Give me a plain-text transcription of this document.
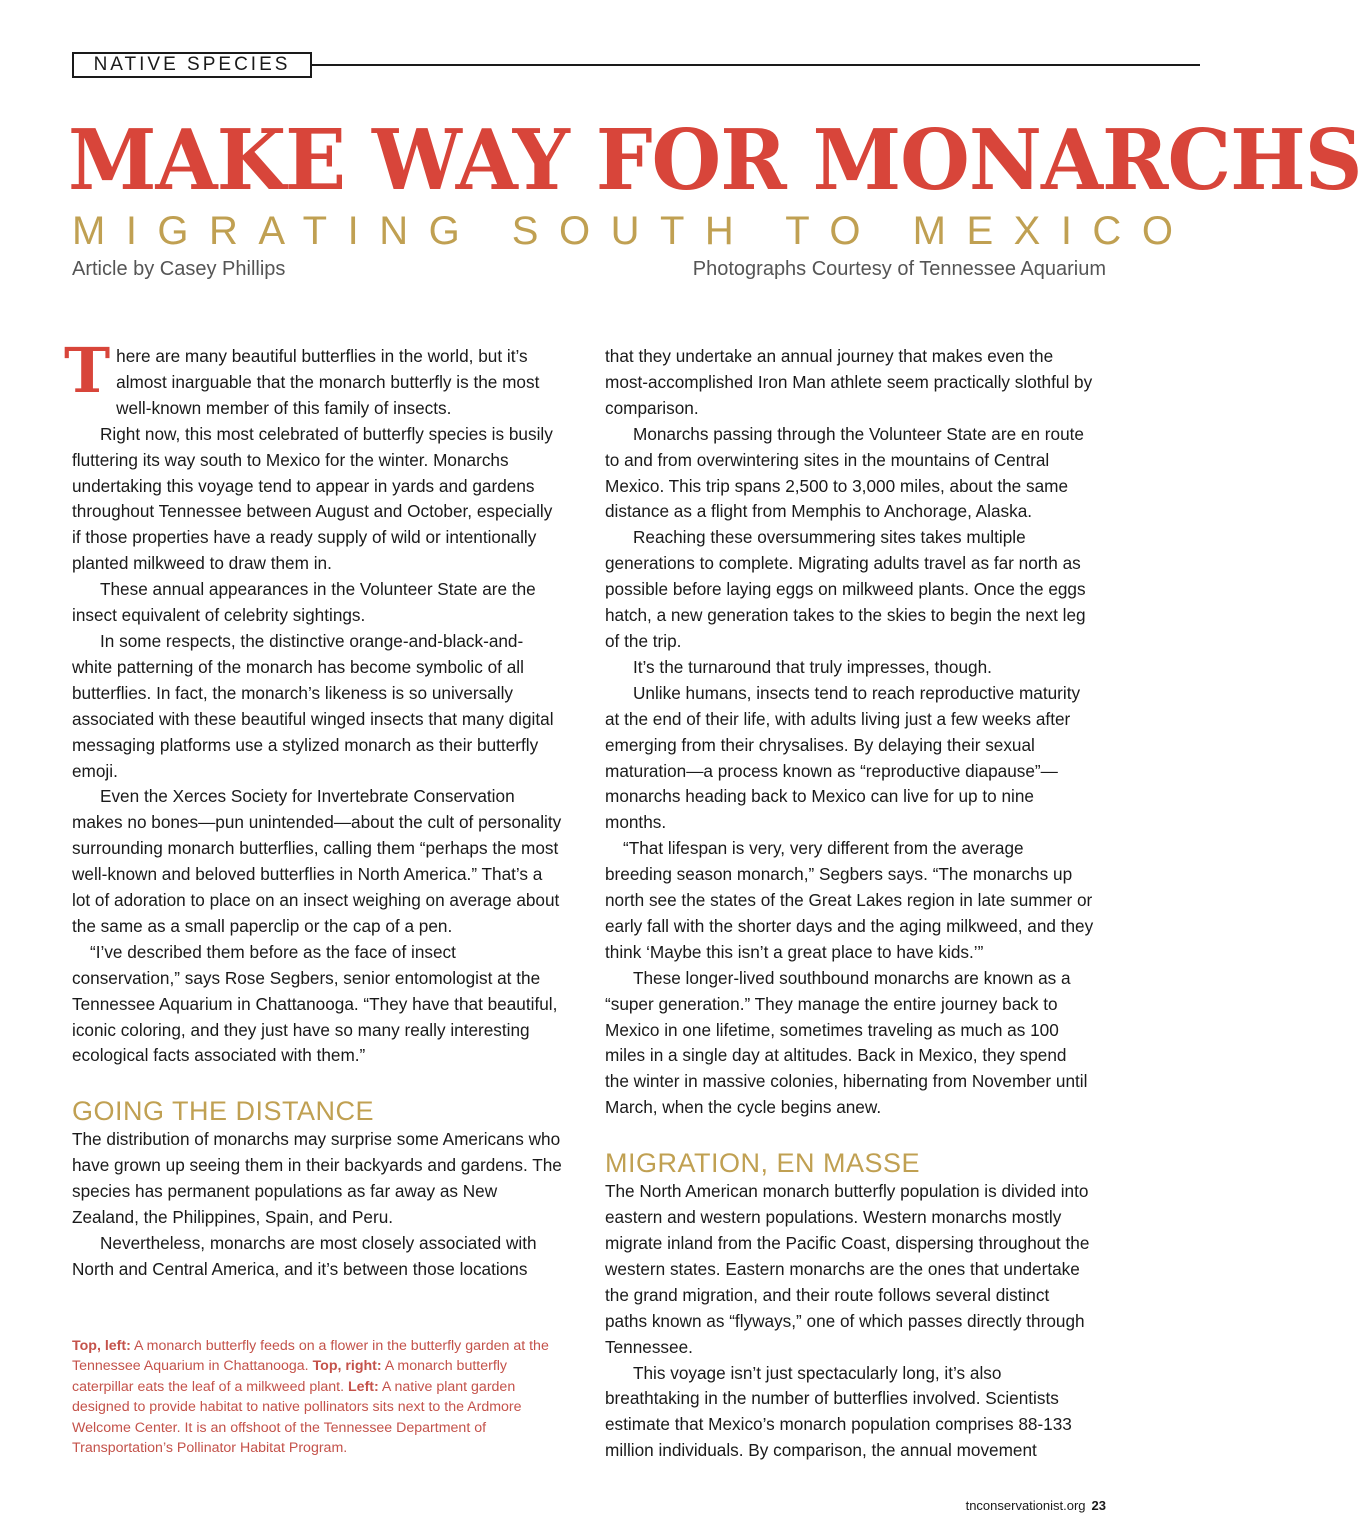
NATIVE SPECIES
MAKE WAY FOR MONARCHS
MIGRATING SOUTH TO MEXICO
Article by Casey Phillips	Photographs Courtesy of Tennessee Aquarium

There are many beautiful butterflies in the world, but it’s almost inarguable that the monarch butterfly is the most well-known member of this family of insects.

Right now, this most celebrated of butterfly species is busily fluttering its way south to Mexico for the winter. Monarchs undertaking this voyage tend to appear in yards and gardens throughout Tennessee between August and October, especially if those properties have a ready supply of wild or intentionally planted milkweed to draw them in.

These annual appearances in the Volunteer State are the insect equivalent of celebrity sightings.

In some respects, the distinctive orange-and-black-and-white patterning of the monarch has become symbolic of all butterflies. In fact, the monarch’s likeness is so universally associated with these beautiful winged insects that many digital messaging platforms use a stylized monarch as their butterfly emoji.

Even the Xerces Society for Invertebrate Conservation makes no bones—pun unintended—about the cult of personality surrounding monarch butterflies, calling them “perhaps the most well-known and beloved butterflies in North America.” That’s a lot of adoration to place on an insect weighing on average about the same as a small paperclip or the cap of a pen.

“I’ve described them before as the face of insect conservation,” says Rose Segbers, senior entomologist at the Tennessee Aquarium in Chattanooga. “They have that beautiful, iconic coloring, and they just have so many really interesting ecological facts associated with them.”

GOING THE DISTANCE

The distribution of monarchs may surprise some Americans who have grown up seeing them in their backyards and gardens. The species has permanent populations as far away as New Zealand, the Philippines, Spain, and Peru.

Nevertheless, monarchs are most closely associated with North and Central America, and it’s between those locations

that they undertake an annual journey that makes even the most-accomplished Iron Man athlete seem practically slothful by comparison.

Monarchs passing through the Volunteer State are en route to and from overwintering sites in the mountains of Central Mexico. This trip spans 2,500 to 3,000 miles, about the same distance as a flight from Memphis to Anchorage, Alaska.

Reaching these oversummering sites takes multiple generations to complete. Migrating adults travel as far north as possible before laying eggs on milkweed plants. Once the eggs hatch, a new generation takes to the skies to begin the next leg of the trip.

It’s the turnaround that truly impresses, though.

Unlike humans, insects tend to reach reproductive maturity at the end of their life, with adults living just a few weeks after emerging from their chrysalises. By delaying their sexual maturation—a process known as “reproductive diapause”—monarchs heading back to Mexico can live for up to nine months.

“That lifespan is very, very different from the average breeding season monarch,” Segbers says. “The monarchs up north see the states of the Great Lakes region in late summer or early fall with the shorter days and the aging milkweed, and they think ‘Maybe this isn’t a great place to have kids.’”

These longer-lived southbound monarchs are known as a “super generation.” They manage the entire journey back to Mexico in one lifetime, sometimes traveling as much as 100 miles in a single day at altitudes. Back in Mexico, they spend the winter in massive colonies, hibernating from November until March, when the cycle begins anew.

MIGRATION, EN MASSE

The North American monarch butterfly population is divided into eastern and western populations. Western monarchs mostly migrate inland from the Pacific Coast, dispersing throughout the western states. Eastern monarchs are the ones that undertake the grand migration, and their route follows several distinct paths known as “flyways,” one of which passes directly through Tennessee.

This voyage isn’t just spectacularly long, it’s also breathtaking in the number of butterflies involved. Scientists estimate that Mexico’s monarch population comprises 88-133 million individuals. By comparison, the annual movement

Top, left: A monarch butterfly feeds on a flower in the butterfly garden at the Tennessee Aquarium in Chattanooga. Top, right: A monarch butterfly caterpillar eats the leaf of a milkweed plant. Left: A native plant garden designed to provide habitat to native pollinators sits next to the Ardmore Welcome Center. It is an offshoot of the Tennessee Department of Transportation’s Pollinator Habitat Program.
tnconservationist.org 23
